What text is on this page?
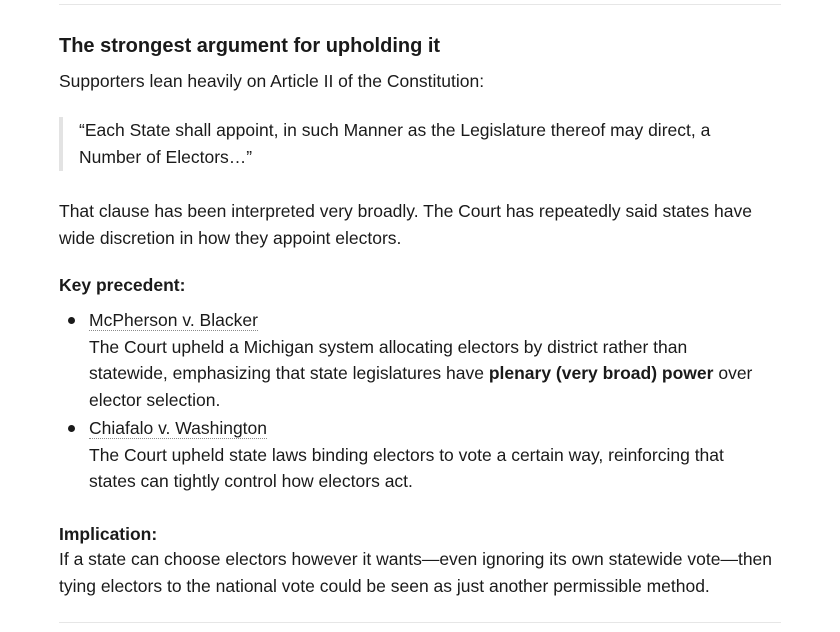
The strongest argument for upholding it

Supporters lean heavily on Article II of the Constitution:

“Each State shall appoint, in such Manner as the Legislature thereof may direct, a

Number of Electors…”

That clause has been interpreted very broadly. The Court has repeatedly said states have
wide discretion in how they appoint electors.

Key precedent:

McPherson v. Blacker
The Court upheld a Michigan system allocating electors by district rather than
statewide, emphasizing that state legislatures have plenary (very broad) power over
elector selection.
Chiafalo v. Washington
The Court upheld state laws binding electors to vote a certain way, reinforcing that
states can tightly control how electors act.

Implication:

If a state can choose electors however it wants—even ignoring its own statewide vote—then
tying electors to the national vote could be seen as just another permissible method.
